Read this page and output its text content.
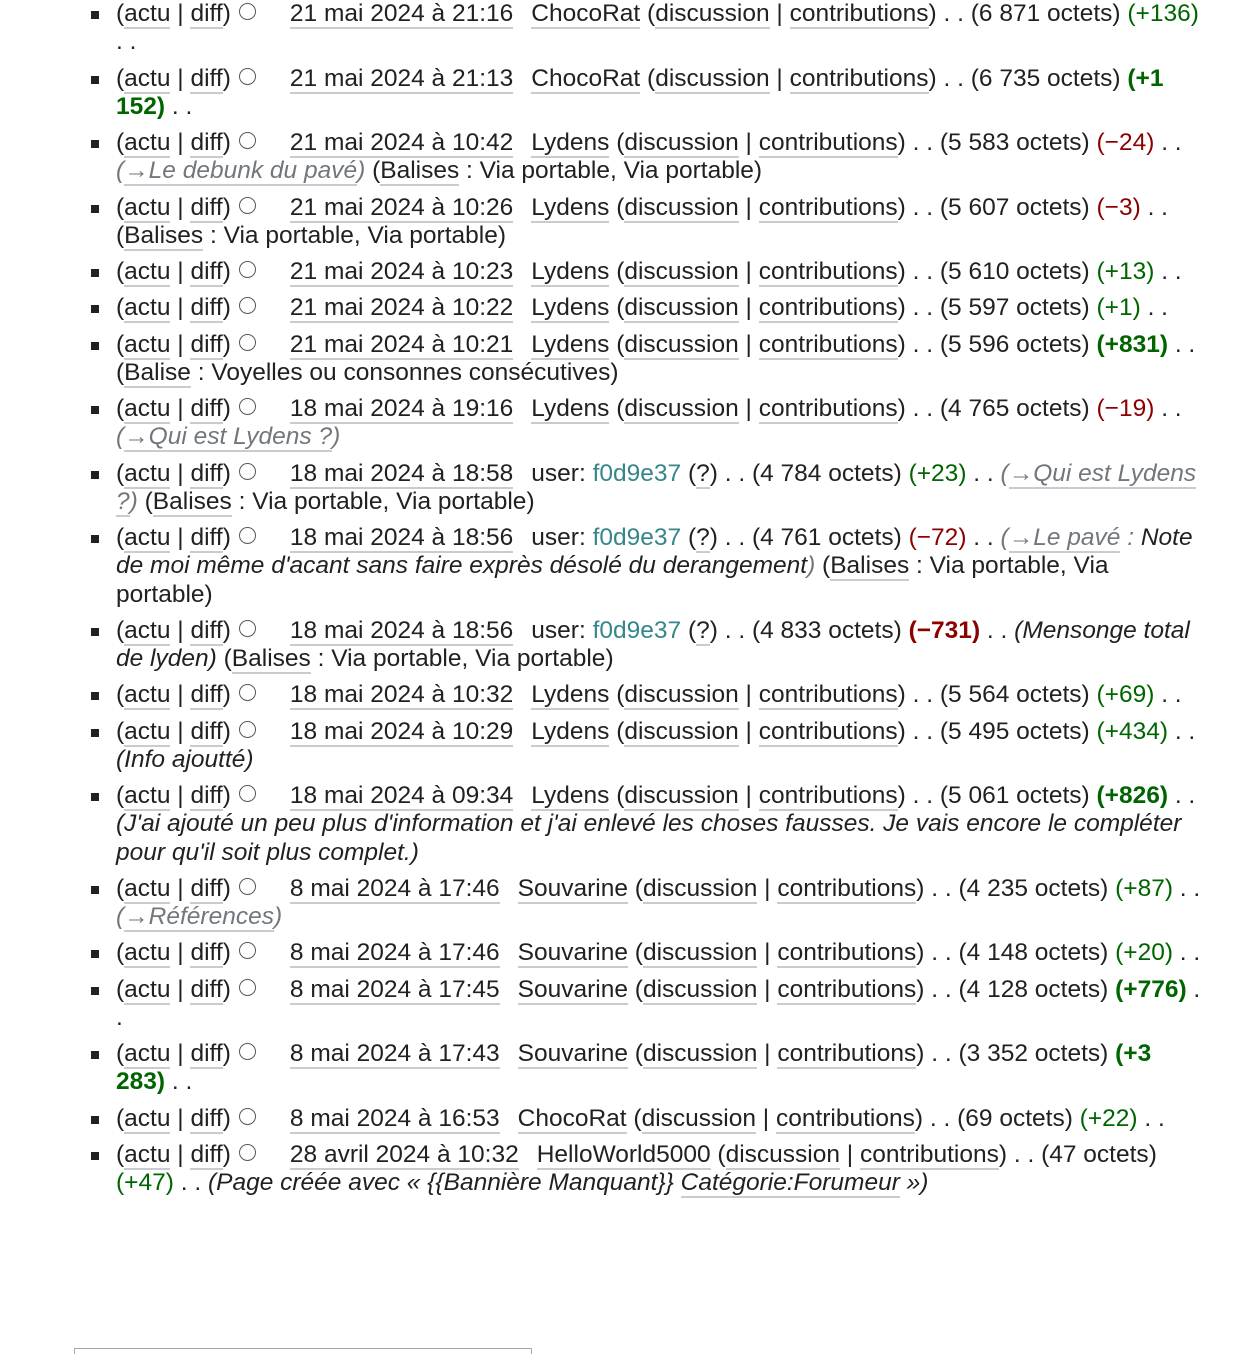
(actu | diff) 21 mai 2024 à 21:16 ChocoRat (discussion | contributions) . . (6 871 octets) (+136) . .
(actu | diff) 21 mai 2024 à 21:13 ChocoRat (discussion | contributions) . . (6 735 octets) (+1 152) . .
(actu | diff) 21 mai 2024 à 10:42 Lydens (discussion | contributions) . . (5 583 octets) (−24) . . (→Le debunk du pavé) (Balises : Via portable, Via portable)
(actu | diff) 21 mai 2024 à 10:26 Lydens (discussion | contributions) . . (5 607 octets) (−3) . . (Balises : Via portable, Via portable)
(actu | diff) 21 mai 2024 à 10:23 Lydens (discussion | contributions) . . (5 610 octets) (+13) . .
(actu | diff) 21 mai 2024 à 10:22 Lydens (discussion | contributions) . . (5 597 octets) (+1) . .
(actu | diff) 21 mai 2024 à 10:21 Lydens (discussion | contributions) . . (5 596 octets) (+831) . . (Balise : Voyelles ou consonnes consécutives)
(actu | diff) 18 mai 2024 à 19:16 Lydens (discussion | contributions) . . (4 765 octets) (−19) . . (→Qui est Lydens ?)
(actu | diff) 18 mai 2024 à 18:58 user: f0d9e37 (?) . . (4 784 octets) (+23) . . (→Qui est Lydens ?) (Balises : Via portable, Via portable)
(actu | diff) 18 mai 2024 à 18:56 user: f0d9e37 (?) . . (4 761 octets) (−72) . . (→Le pavé : Note de moi même d'acant sans faire exprès désolé du derangement) (Balises : Via portable, Via portable)
(actu | diff) 18 mai 2024 à 18:56 user: f0d9e37 (?) . . (4 833 octets) (−731) . . (Mensonge total de lyden) (Balises : Via portable, Via portable)
(actu | diff) 18 mai 2024 à 10:32 Lydens (discussion | contributions) . . (5 564 octets) (+69) . .
(actu | diff) 18 mai 2024 à 10:29 Lydens (discussion | contributions) . . (5 495 octets) (+434) . . (Info ajoutté)
(actu | diff) 18 mai 2024 à 09:34 Lydens (discussion | contributions) . . (5 061 octets) (+826) . . (J'ai ajouté un peu plus d'information et j'ai enlevé les choses fausses. Je vais encore le compléter pour qu'il soit plus complet.)
(actu | diff) 8 mai 2024 à 17:46 Souvarine (discussion | contributions) . . (4 235 octets) (+87) . . (→Références)
(actu | diff) 8 mai 2024 à 17:46 Souvarine (discussion | contributions) . . (4 148 octets) (+20) . .
(actu | diff) 8 mai 2024 à 17:45 Souvarine (discussion | contributions) . . (4 128 octets) (+776) . .
(actu | diff) 8 mai 2024 à 17:43 Souvarine (discussion | contributions) . . (3 352 octets) (+3 283) . .
(actu | diff) 8 mai 2024 à 16:53 ChocoRat (discussion | contributions) . . (69 octets) (+22) . .
(actu | diff) 28 avril 2024 à 10:32 HelloWorld5000 (discussion | contributions) . . (47 octets) (+47) . . (Page créée avec « {{Bannière Manquant}} Catégorie:Forumeur »)
